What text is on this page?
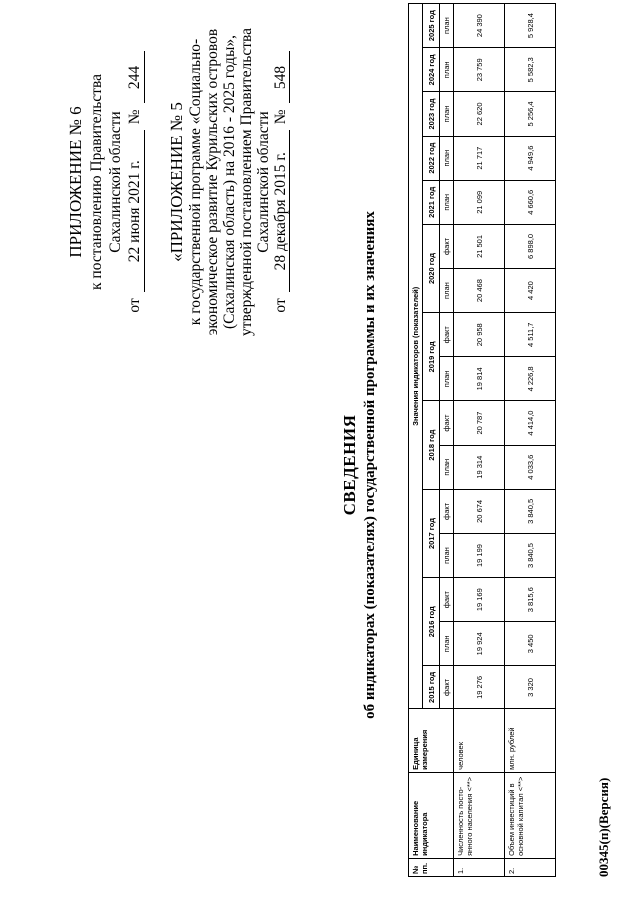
ПРИЛОЖЕНИЕ № 6 к постановлению Правительства Сахалинской области
от
22 июня 2021 г.
№
244
«ПРИЛОЖЕНИЕ № 5 к государственной программе «Социально- экономическое развитие Курильских островов (Сахалинская область) на 2016 - 2025 годы», утвержденной постановлением Правительства Сахалинской области
от
28 декабря 2015 г.
№
548
СВЕДЕНИЯ об индикаторах (показателях) государственной программы и их значениях
№ пп.	Наименование индикатора	Единица измерения	Значения индикаторов (показателей)															
			2015 год	2016 год		2017 год		2018 год		2019 год		2020 год		2021 год	2022 год	2023 год	2024 год	2025 год
			факт	план	факт	план	факт	план	факт	план	факт	план	факт	план	план	план	план	план
1.	Численность посто-янного населения <**>	человек	19 276	19 924	19 169	19 199	20 674	19 314	20 787	19 814	20 958	20 468	21 501	21 099	21 717	22 620	23 759	24 390
2.	Объем инвестиций в основной капитал <**>	млн. рублей	3 320	3 450	3 815,6	3 840,5	3 840,5	4 033,6	4 414,0	4 226,8	4 511,7	4 420	6 898,0	4 660,6	4 949,6	5 256,4	5 582,3	5 928,4
00345(п)(Версия)
